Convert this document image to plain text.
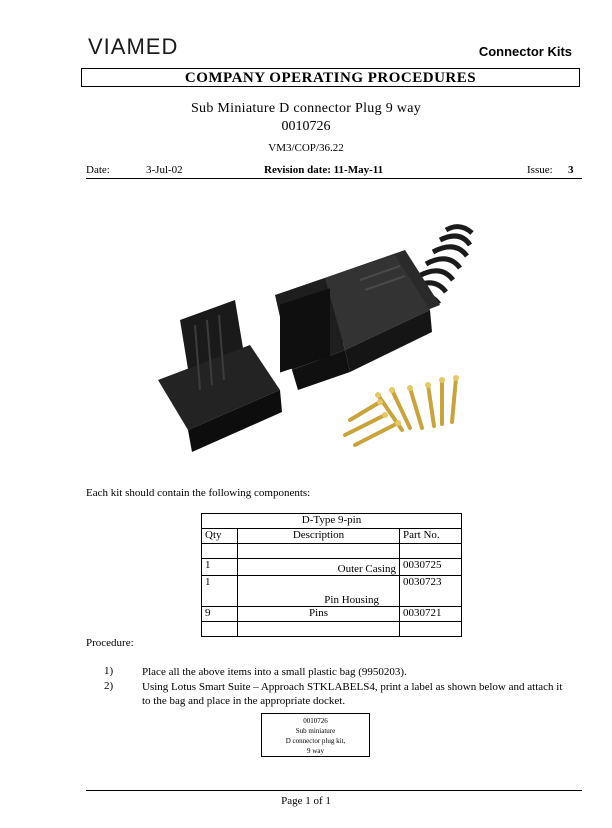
VIAMED	Connector Kits
COMPANY OPERATING PROCEDURES
Sub Miniature D connector Plug 9 way
0010726
VM3/COP/36.22
Date:	3-Jul-02	Revision date: 11-May-11	Issue: 3
Each kit should contain the following components:
D-Type 9-pin		
Qty	Description	Part No.

1	Outer Casing	0030725
1	Pin Housing	0030723
9	Pins	0030721

Procedure:
1)	Place all the above items into a small plastic bag (9950203).
2)	Using Lotus Smart Suite – Approach STKLABELS4, print a label as shown below and attach it to the bag and place in the appropriate docket.
0010726
Sub miniature
D connector plug kit,
9 way
Page 1 of 1
